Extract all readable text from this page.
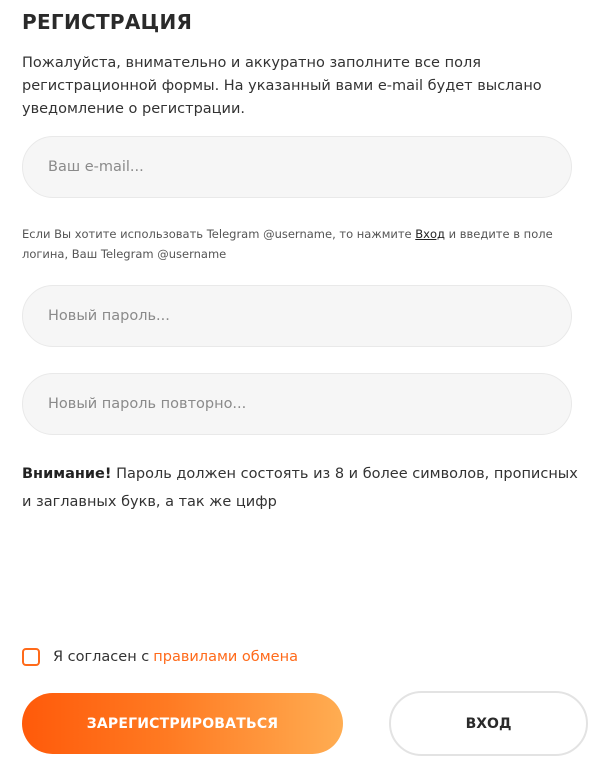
РЕГИСТРАЦИЯ

Пожалуйста, внимательно и аккуратно заполните все поля регистрационной формы. На указанный вами e-mail будет выслано уведомление о регистрации.

Ваш e-mail...

Если Вы хотите использовать Telegram @username, то нажмите Вход и введите в поле логина, Ваш Telegram @username

Внимание! Пароль должен состоять из 8 и более символов, прописных и заглавных букв, а так же цифр

Я согласен с правилами обмена
ЗАРЕГИСТРИРОВАТЬСЯ	ВХОД
